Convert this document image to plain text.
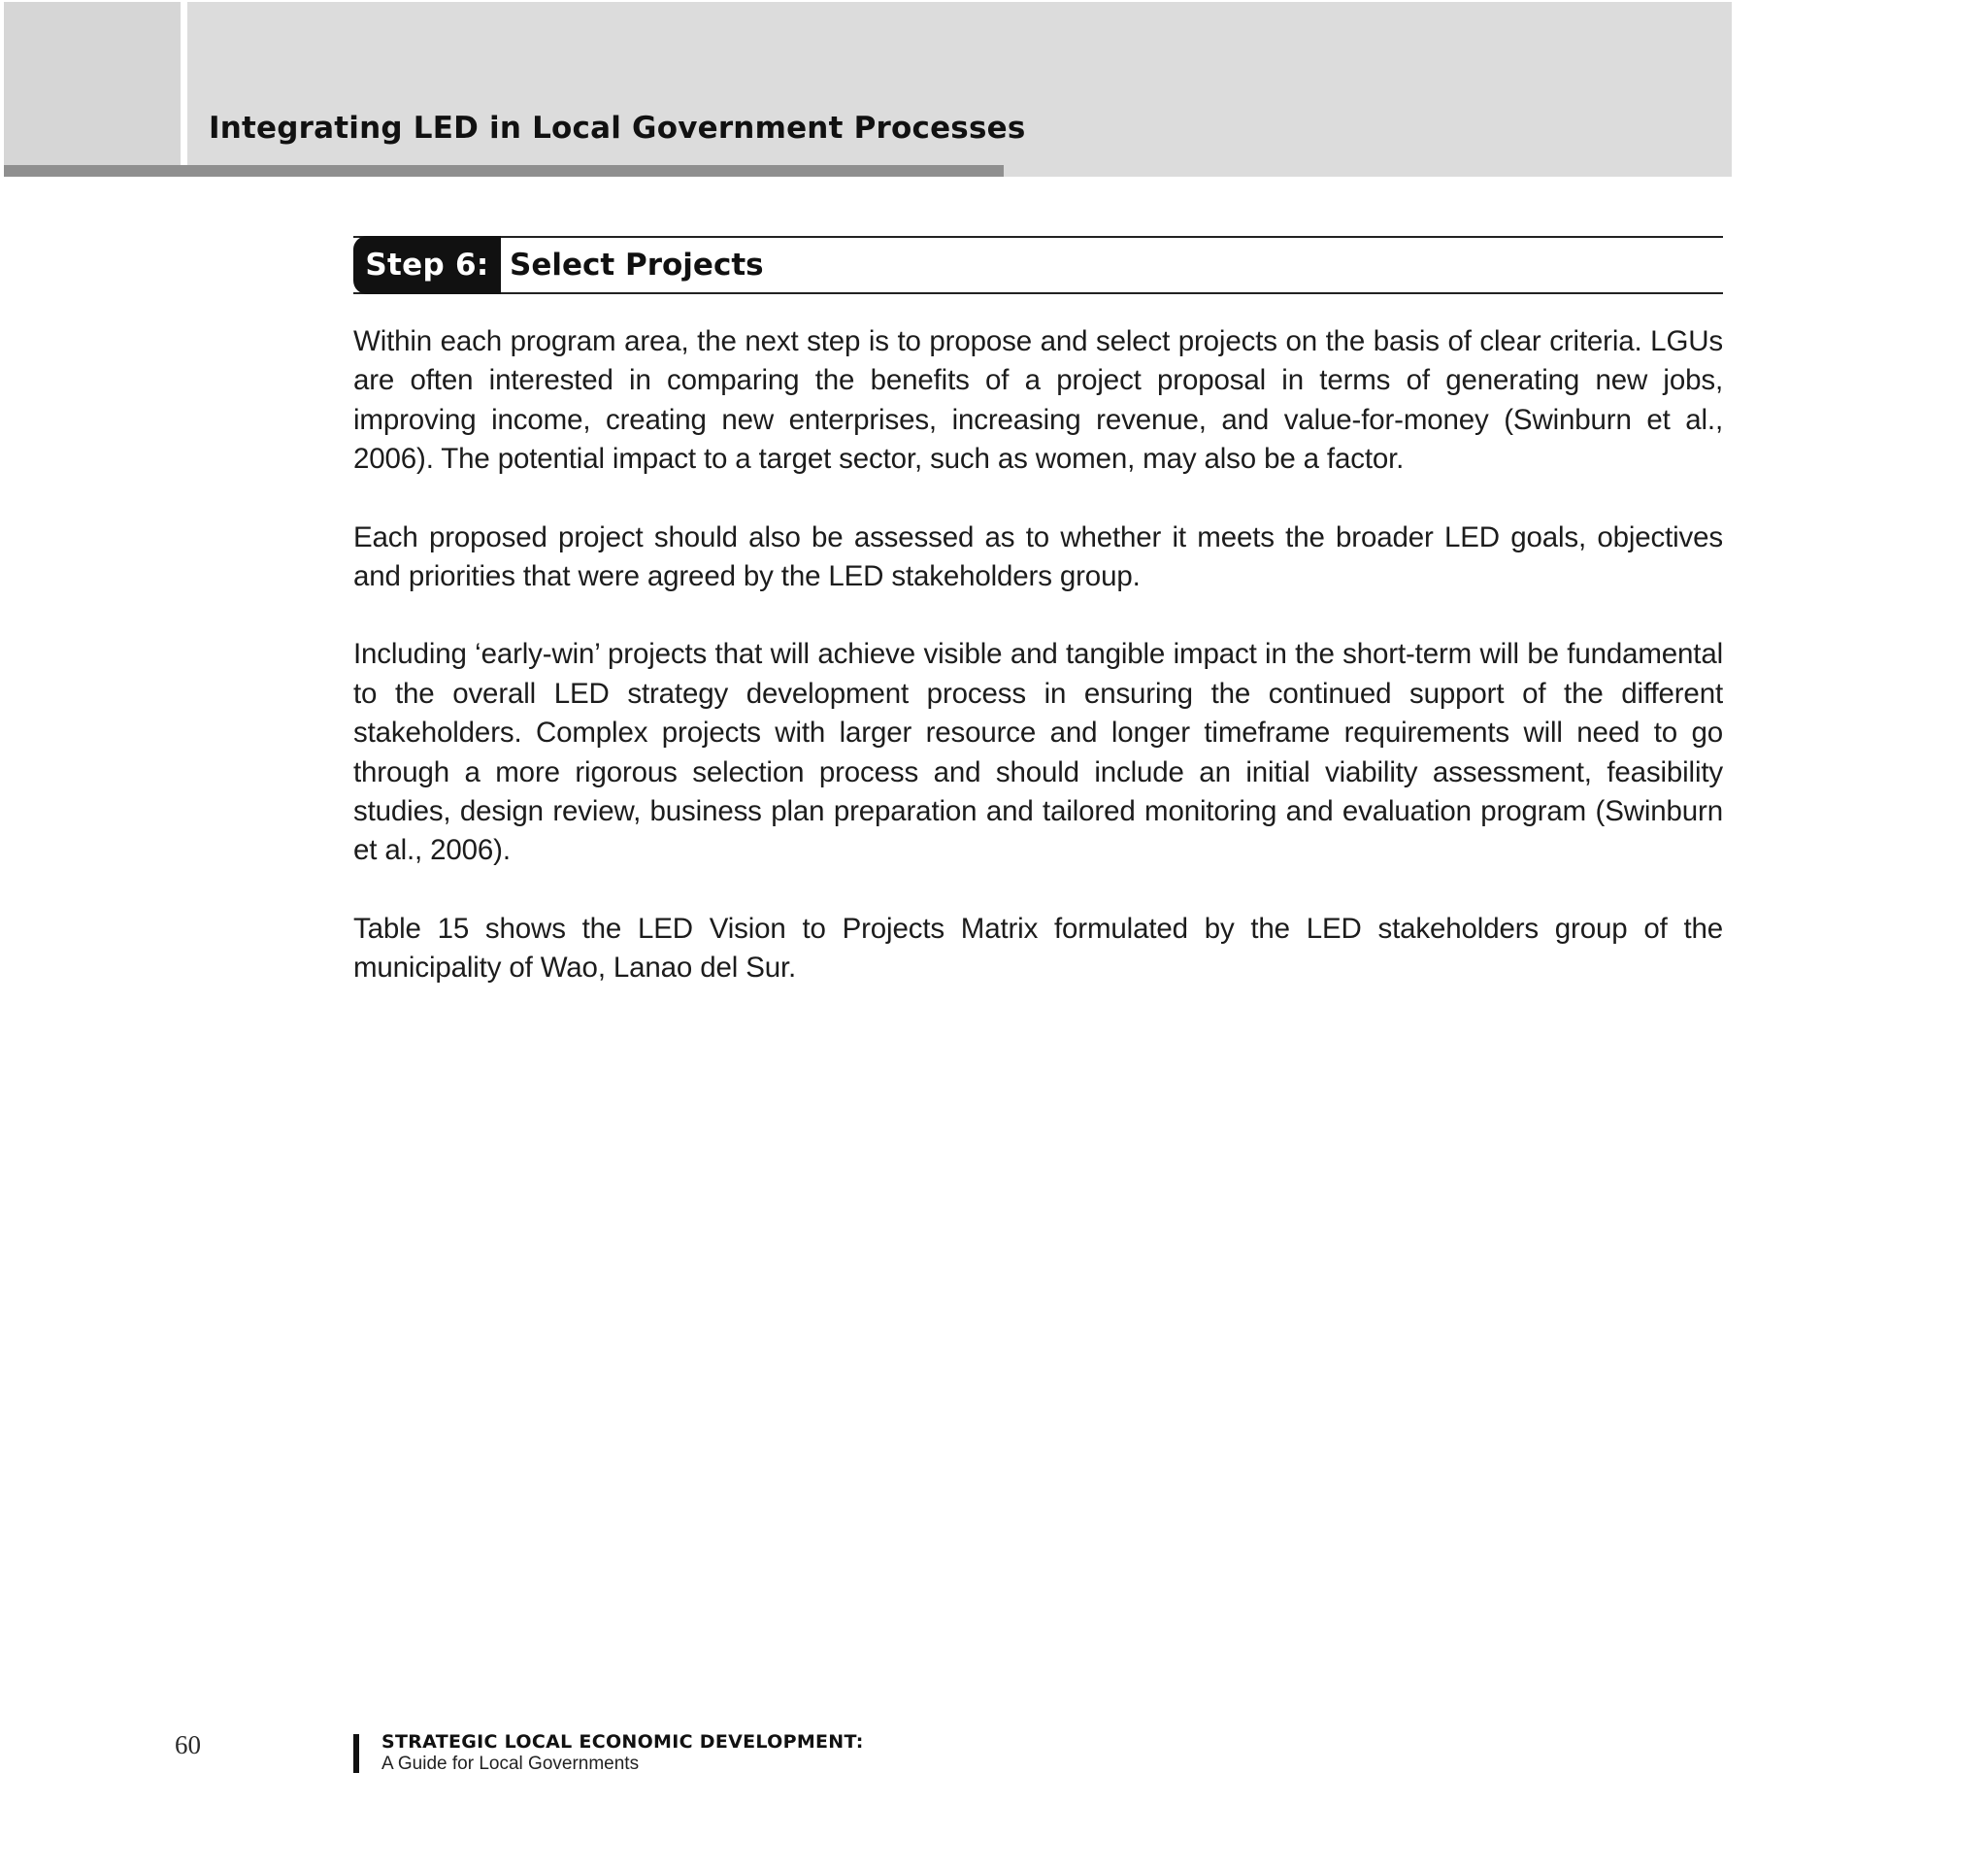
Integrating LED in Local Government Processes
Step 6: Select Projects

Within each program area, the next step is to propose and select projects on the basis of clear criteria. LGUs are often interested in comparing the benefits of a project proposal in terms of generating new jobs, improving income, creating new enterprises, increasing revenue, and value-for-money (Swinburn et al., 2006). The potential impact to a target sector, such as women, may also be a factor.

Each proposed project should also be assessed as to whether it meets the broader LED goals, objectives and priorities that were agreed by the LED stakeholders group.

Including ‘early-win’ projects that will achieve visible and tangible impact in the short-term will be fundamental to the overall LED strategy development process in ensuring the continued support of the different stakeholders. Complex projects with larger resource and longer timeframe requirements will need to go through a more rigorous selection process and should include an initial viability assessment, feasibility studies, design review, business plan preparation and tailored monitoring and evaluation program (Swinburn et al., 2006).

Table 15 shows the LED Vision to Projects Matrix formulated by the LED stakeholders group of the municipality of Wao, Lanao del Sur.

60	STRATEGIC LOCAL ECONOMIC DEVELOPMENT:
A Guide for Local Governments
